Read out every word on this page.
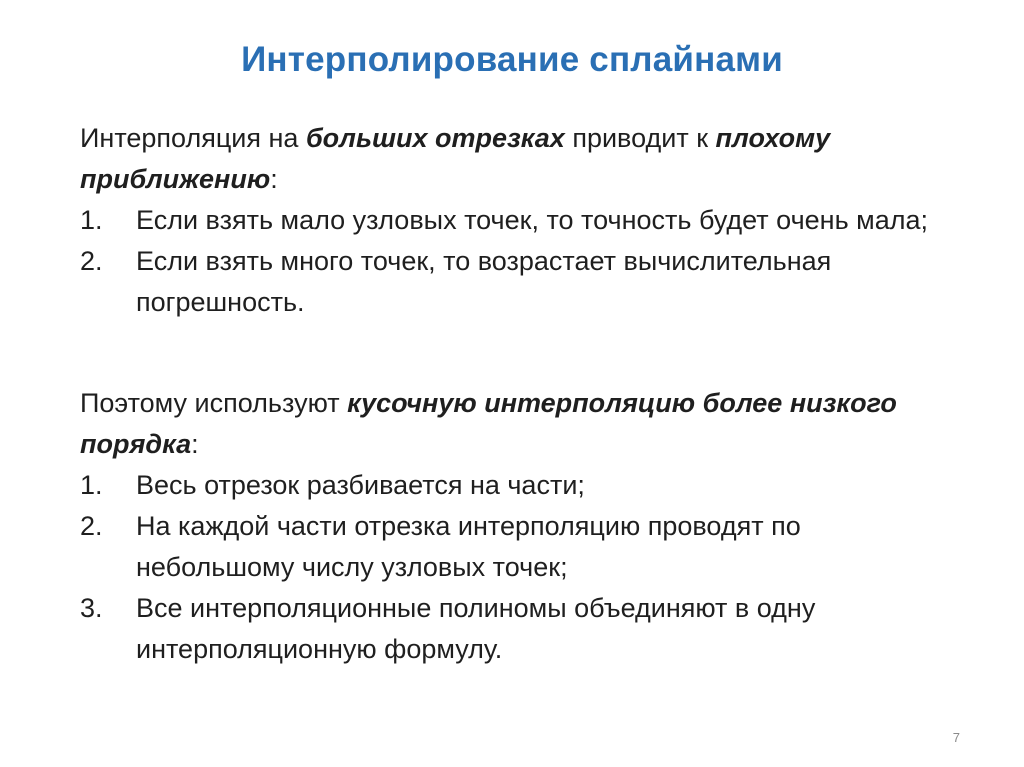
Интерполирование сплайнами

Интерполяция на больших отрезках приводит к плохому приближению:

1.	Если взять мало узловых точек, то точность будет очень мала;
2.	Если взять много точек, то возрастает вычислительная погрешность.

Поэтому используют кусочную интерполяцию более низкого порядка:

1.	Весь отрезок разбивается на части;
2.	На каждой части отрезка интерполяцию проводят по небольшому числу узловых точек;
3.	Все интерполяционные полиномы объединяют в одну интерполяционную формулу.
7
